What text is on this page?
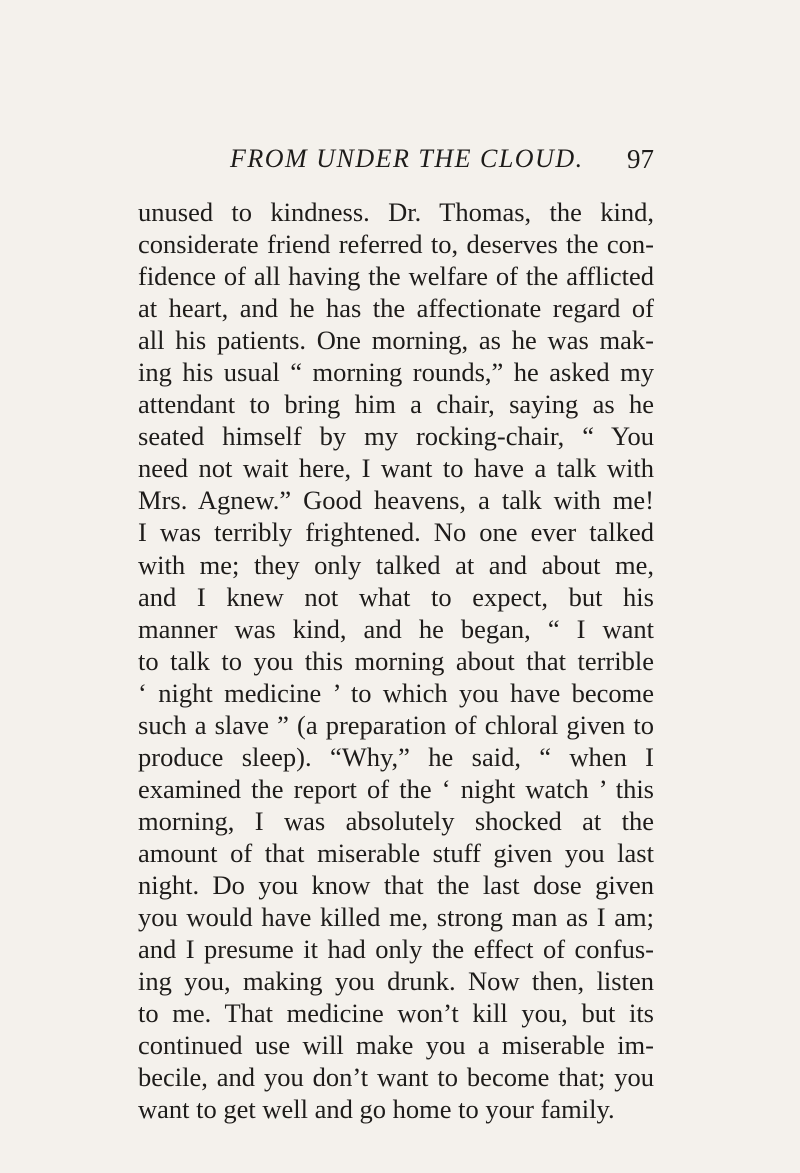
FROM UNDER THE CLOUD. 97
unused to kindness. Dr. Thomas, the kind,
considerate friend referred to, deserves the con-
fidence of all having the welfare of the afflicted
at heart, and he has the affectionate regard of
all his patients. One morning, as he was mak-
ing his usual “ morning rounds,” he asked my
attendant to bring him a chair, saying as he
seated himself by my rocking-chair, “ You
need not wait here, I want to have a talk with
Mrs. Agnew.” Good heavens, a talk with me!
I was terribly frightened. No one ever talked
with me; they only talked at and about me,
and I knew not what to expect, but his
manner was kind, and he began, “ I want
to talk to you this morning about that terrible
‘ night medicine ’ to which you have become
such a slave ” (a preparation of chloral given to
produce sleep). “Why,” he said, “ when I
examined the report of the ‘ night watch ’ this
morning, I was absolutely shocked at the
amount of that miserable stuff given you last
night. Do you know that the last dose given
you would have killed me, strong man as I am;
and I presume it had only the effect of confus-
ing you, making you drunk. Now then, listen
to me. That medicine won’t kill you, but its
continued use will make you a miserable im-
becile, and you don’t want to become that; you
want to get well and go home to your family.
